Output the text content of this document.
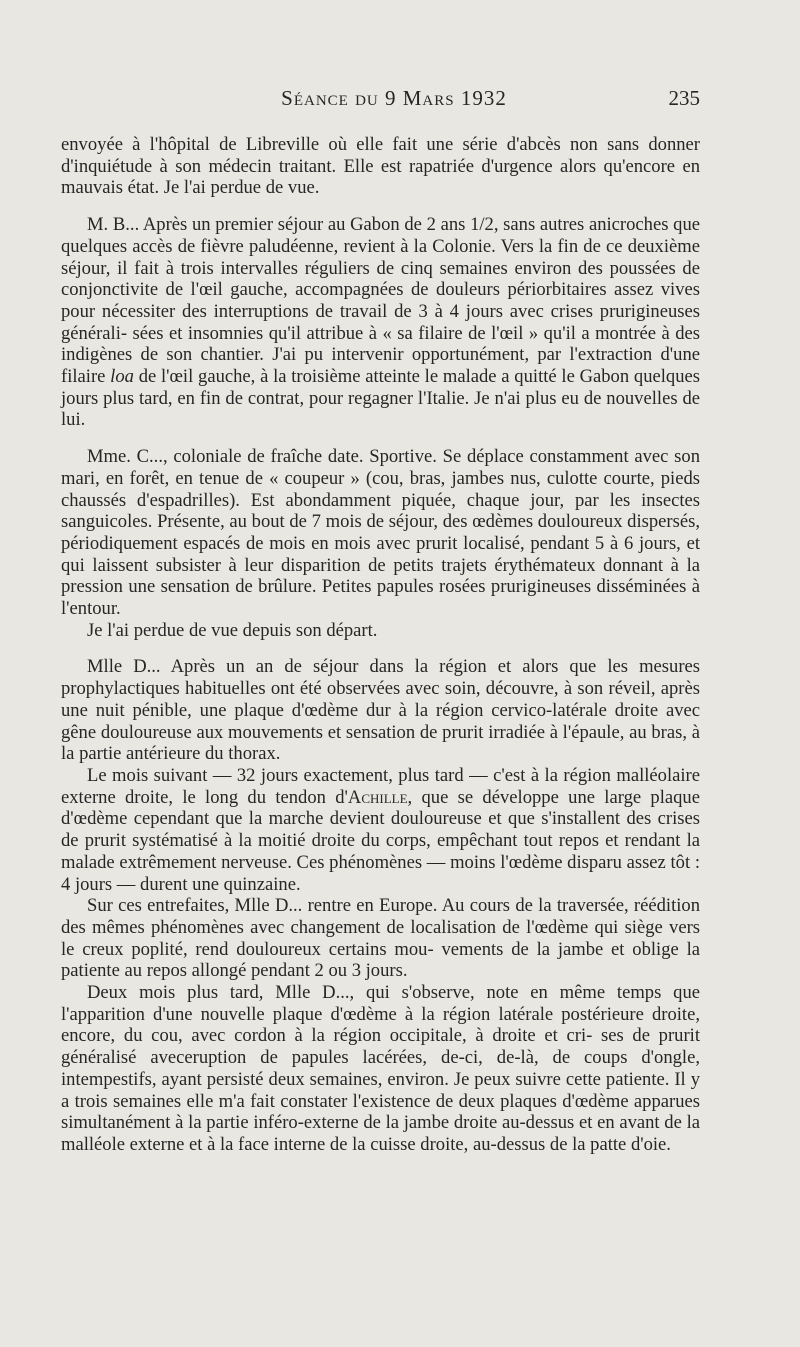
Séance du 9 Mars 1932	235

envoyée à l'hôpital de Libreville où elle fait une série d'abcès non sans donner d'inquiétude à son médecin traitant. Elle est rapatriée d'urgence alors qu'encore en mauvais état. Je l'ai perdue de vue.

M. B... Après un premier séjour au Gabon de 2 ans 1/2, sans autres anicroches que quelques accès de fièvre paludéenne, revient à la Colonie. Vers la fin de ce deuxième séjour, il fait à trois intervalles réguliers de cinq semaines environ des poussées de conjonctivite de l'œil gauche, accompagnées de douleurs périorbitaires assez vives pour nécessiter des interruptions de travail de 3 à 4 jours avec crises prurigineuses générali- sées et insomnies qu'il attribue à « sa filaire de l'œil » qu'il a montrée à des indigènes de son chantier. J'ai pu intervenir opportunément, par l'extraction d'une filaire loa de l'œil gauche, à la troisième atteinte le malade a quitté le Gabon quelques jours plus tard, en fin de contrat, pour regagner l'Italie. Je n'ai plus eu de nouvelles de lui.

Mme. C..., coloniale de fraîche date. Sportive. Se déplace constamment avec son mari, en forêt, en tenue de « coupeur » (cou, bras, jambes nus, culotte courte, pieds chaussés d'espadrilles). Est abondamment piquée, chaque jour, par les insectes sanguicoles. Présente, au bout de 7 mois de séjour, des œdèmes douloureux dispersés, périodiquement espacés de mois en mois avec prurit localisé, pendant 5 à 6 jours, et qui laissent subsister à leur disparition de petits trajets érythémateux donnant à la pression une sensation de brûlure. Petites papules rosées prurigineuses disséminées à l'entour.

Je l'ai perdue de vue depuis son départ.

Mlle D... Après un an de séjour dans la région et alors que les mesures prophylactiques habituelles ont été observées avec soin, découvre, à son réveil, après une nuit pénible, une plaque d'œdème dur à la région cervico-latérale droite avec gêne douloureuse aux mouvements et sensation de prurit irradiée à l'épaule, au bras, à la partie antérieure du thorax.

Le mois suivant — 32 jours exactement, plus tard — c'est à la région malléolaire externe droite, le long du tendon d'Achille, que se développe une large plaque d'œdème cependant que la marche devient douloureuse et que s'installent des crises de prurit systématisé à la moitié droite du corps, empêchant tout repos et rendant la malade extrêmement nerveuse. Ces phénomènes — moins l'œdème disparu assez tôt : 4 jours — durent une quinzaine.

Sur ces entrefaites, Mlle D... rentre en Europe. Au cours de la traversée, réédition des mêmes phénomènes avec changement de localisation de l'œdème qui siège vers le creux poplité, rend douloureux certains mou- vements de la jambe et oblige la patiente au repos allongé pendant 2 ou 3 jours.

Deux mois plus tard, Mlle D..., qui s'observe, note en même temps que l'apparition d'une nouvelle plaque d'œdème à la région latérale postérieure droite, encore, du cou, avec cordon à la région occipitale, à droite et cri- ses de prurit généralisé aveceruption de papules lacérées, de-ci, de-là, de coups d'ongle, intempestifs, ayant persisté deux semaines, environ. Je peux suivre cette patiente. Il y a trois semaines elle m'a fait constater l'existence de deux plaques d'œdème apparues simultanément à la partie inféro-externe de la jambe droite au-dessus et en avant de la malléole externe et à la face interne de la cuisse droite, au-dessus de la patte d'oie.
